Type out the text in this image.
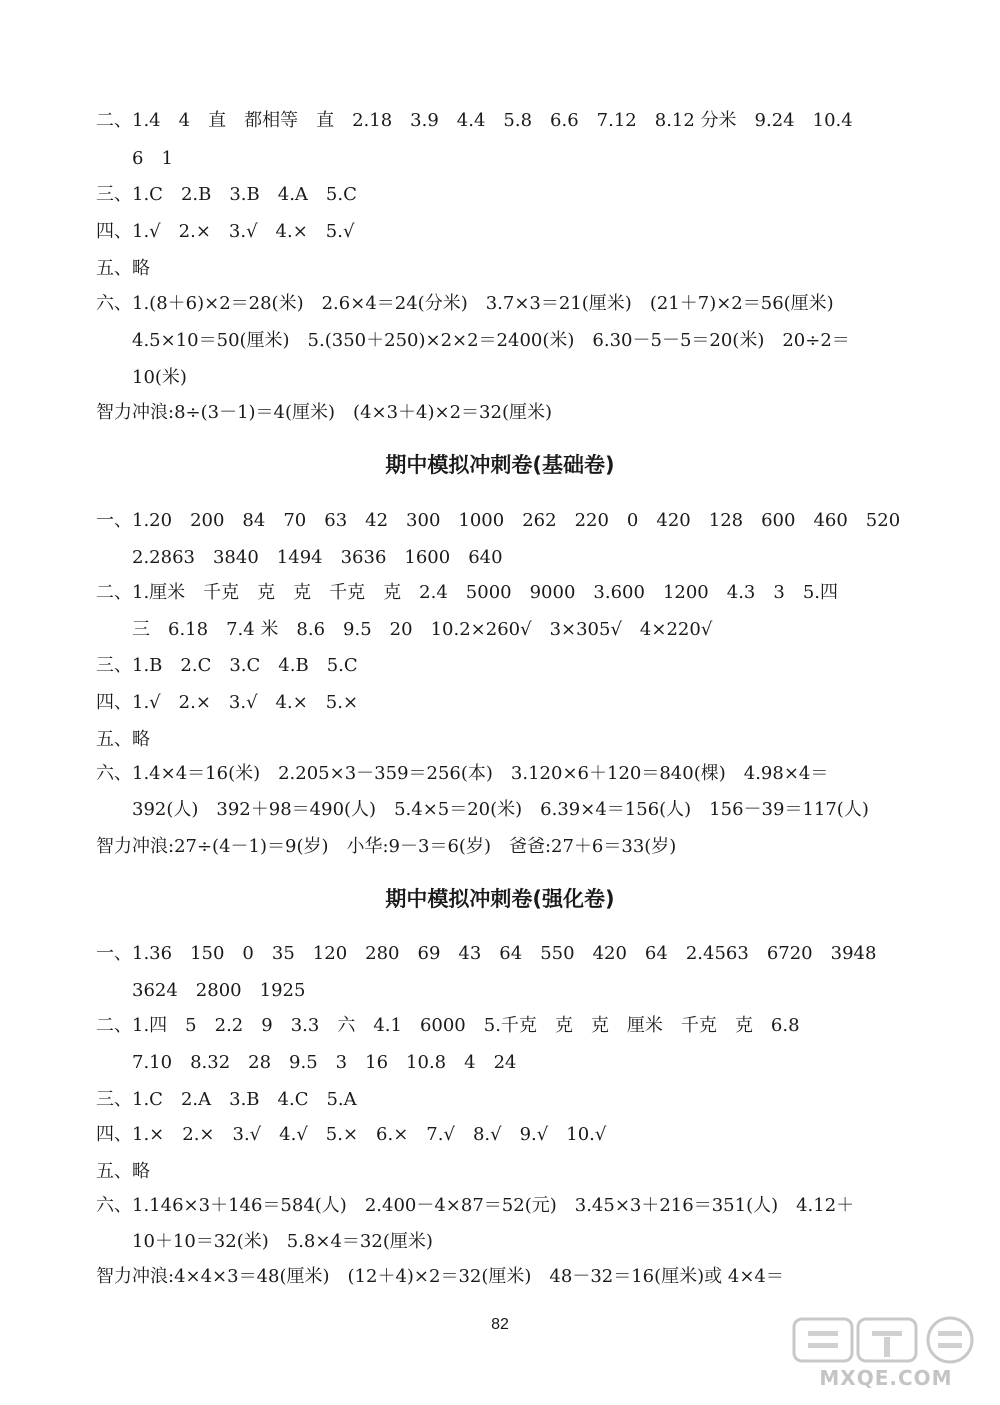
二、1.4　4　直　都相等　直　2.18　3.9　4.4　5.8　6.6　7.12　8.12 分米　9.24　10.4
6　1
三、1.C　2.B　3.B　4.A　5.C
四、1.√　2.×　3.√　4.×　5.√
五、略
六、1.(8＋6)×2＝28(米)　2.6×4＝24(分米)　3.7×3＝21(厘米)　(21＋7)×2＝56(厘米)
4.5×10＝50(厘米)　5.(350＋250)×2×2＝2400(米)　6.30－5－5＝20(米)　20÷2＝
10(米)
智力冲浪:8÷(3－1)＝4(厘米)　(4×3＋4)×2＝32(厘米)
期中模拟冲刺卷(基础卷)
一、1.20　200　84　70　63　42　300　1000　262　220　0　420　128　600　460　520
2.2863　3840　1494　3636　1600　640
二、1.厘米　千克　克　克　千克　克　2.4　5000　9000　3.600　1200　4.3　3　5.四
三　6.18　7.4 米　8.6　9.5　20　10.2×260√　3×305√　4×220√
三、1.B　2.C　3.C　4.B　5.C
四、1.√　2.×　3.√　4.×　5.×
五、略
六、1.4×4＝16(米)　2.205×3－359＝256(本)　3.120×6＋120＝840(棵)　4.98×4＝
392(人)　392＋98＝490(人)　5.4×5＝20(米)　6.39×4＝156(人)　156－39＝117(人)
智力冲浪:27÷(4－1)＝9(岁)　小华:9－3＝6(岁)　爸爸:27＋6＝33(岁)
期中模拟冲刺卷(强化卷)
一、1.36　150　0　35　120　280　69　43　64　550　420　64　2.4563　6720　3948
3624　2800　1925
二、1.四　5　2.2　9　3.3　六　4.1　6000　5.千克　克　克　厘米　千克　克　6.8
7.10　8.32　28　9.5　3　16　10.8　4　24
三、1.C　2.A　3.B　4.C　5.A
四、1.×　2.×　3.√　4.√　5.×　6.×　7.√　8.√　9.√　10.√
五、略
六、1.146×3＋146＝584(人)　2.400－4×87＝52(元)　3.45×3＋216＝351(人)　4.12＋
10＋10＝32(米)　5.8×4＝32(厘米)
智力冲浪:4×4×3＝48(厘米)　(12＋4)×2＝32(厘米)　48－32＝16(厘米)或 4×4＝
82
MXQE.COM
